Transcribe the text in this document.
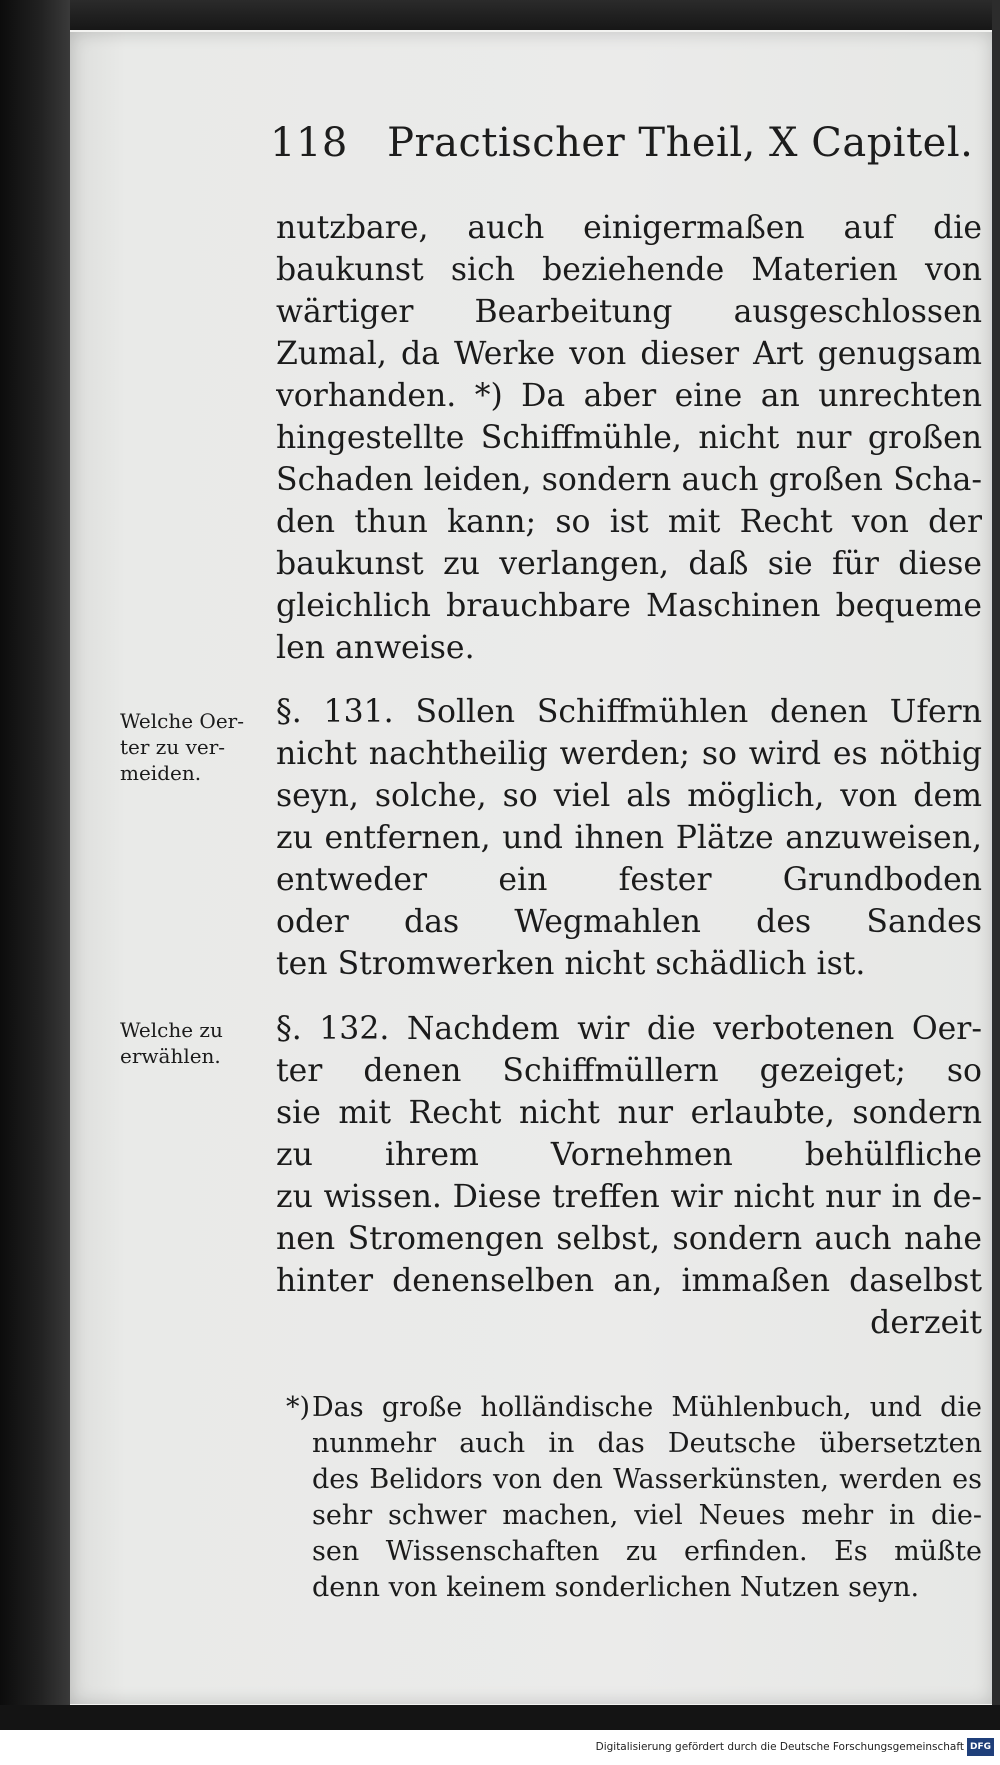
118 Practischer Theil, X Capitel.
nutzbare, auch einigermaßen auf die
baukunst sich beziehende Materien von
wärtiger Bearbeitung ausgeschlossen
Zumal, da Werke von dieser Art genugsam
vorhanden. *) Da aber eine an unrechten
hingestellte Schiffmühle, nicht nur großen
Schaden leiden, sondern auch großen Scha-
den thun kann; so ist mit Recht von der
baukunst zu verlangen, daß sie für diese
gleichlich brauchbare Maschinen bequeme
len anweise.
Welche Oer-
ter zu ver-
meiden.
§. 131. Sollen Schiffmühlen denen Ufern
nicht nachtheilig werden; so wird es nöthig
seyn, solche, so viel als möglich, von dem
zu entfernen, und ihnen Plätze anzuweisen,
entweder ein fester Grundboden
oder das Wegmahlen des Sandes
ten Stromwerken nicht schädlich ist.
Welche zu
erwählen.
§. 132. Nachdem wir die verbotenen Oer-
ter denen Schiffmüllern gezeiget; so
sie mit Recht nicht nur erlaubte, sondern
zu ihrem Vornehmen behülfliche
zu wissen. Diese treffen wir nicht nur in de-
nen Stromengen selbst, sondern auch nahe
hinter denenselben an, immaßen daselbst
derzeit
*) Das große holländische Mühlenbuch, und die
nunmehr auch in das Deutsche übersetzten
des Belidors von den Wasserkünsten, werden es
sehr schwer machen, viel Neues mehr in die-
sen Wissenschaften zu erfinden. Es müßte
denn von keinem sonderlichen Nutzen seyn.
Digitalisierung gefördert durch die Deutsche Forschungsgemeinschaft DFG
